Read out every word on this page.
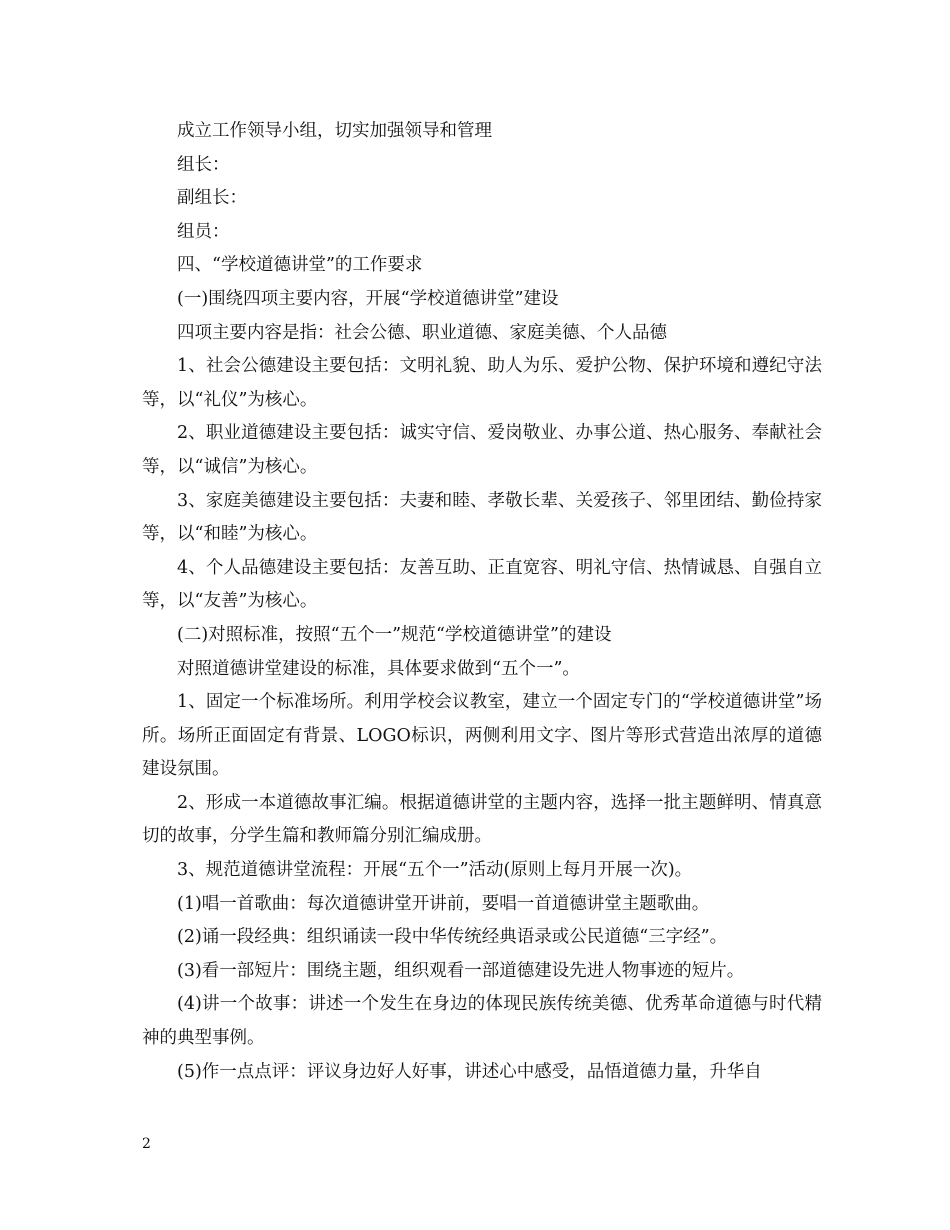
成立工作领导小组，切实加强领导和管理

组长：

副组长：

组员：

四、“学校道德讲堂”的工作要求

(一)围绕四项主要内容，开展“学校道德讲堂”建设

四项主要内容是指：社会公德、职业道德、家庭美德、个人品德

1、社会公德建设主要包括：文明礼貌、助人为乐、爱护公物、保护环境和遵纪守法等，以“礼仪”为核心。

2、职业道德建设主要包括：诚实守信、爱岗敬业、办事公道、热心服务、奉献社会等，以“诚信”为核心。

3、家庭美德建设主要包括：夫妻和睦、孝敬长辈、关爱孩子、邻里团结、勤俭持家等，以“和睦”为核心。

4、个人品德建设主要包括：友善互助、正直宽容、明礼守信、热情诚恳、自强自立等，以“友善”为核心。

(二)对照标准，按照“五个一”规范“学校道德讲堂”的建设

对照道德讲堂建设的标准，具体要求做到“五个一”。

1、固定一个标准场所。利用学校会议教室，建立一个固定专门的“学校道德讲堂”场所。场所正面固定有背景、LOGO标识，两侧利用文字、图片等形式营造出浓厚的道德建设氛围。

2、形成一本道德故事汇编。根据道德讲堂的主题内容，选择一批主题鲜明、情真意切的故事，分学生篇和教师篇分别汇编成册。

3、规范道德讲堂流程：开展“五个一”活动(原则上每月开展一次)。

(1)唱一首歌曲：每次道德讲堂开讲前，要唱一首道德讲堂主题歌曲。

(2)诵一段经典：组织诵读一段中华传统经典语录或公民道德“三字经”。

(3)看一部短片：围绕主题，组织观看一部道德建设先进人物事迹的短片。

(4)讲一个故事：讲述一个发生在身边的体现民族传统美德、优秀革命道德与时代精神的典型事例。

(5)作一点点评：评议身边好人好事，讲述心中感受，品悟道德力量，升华自

2
